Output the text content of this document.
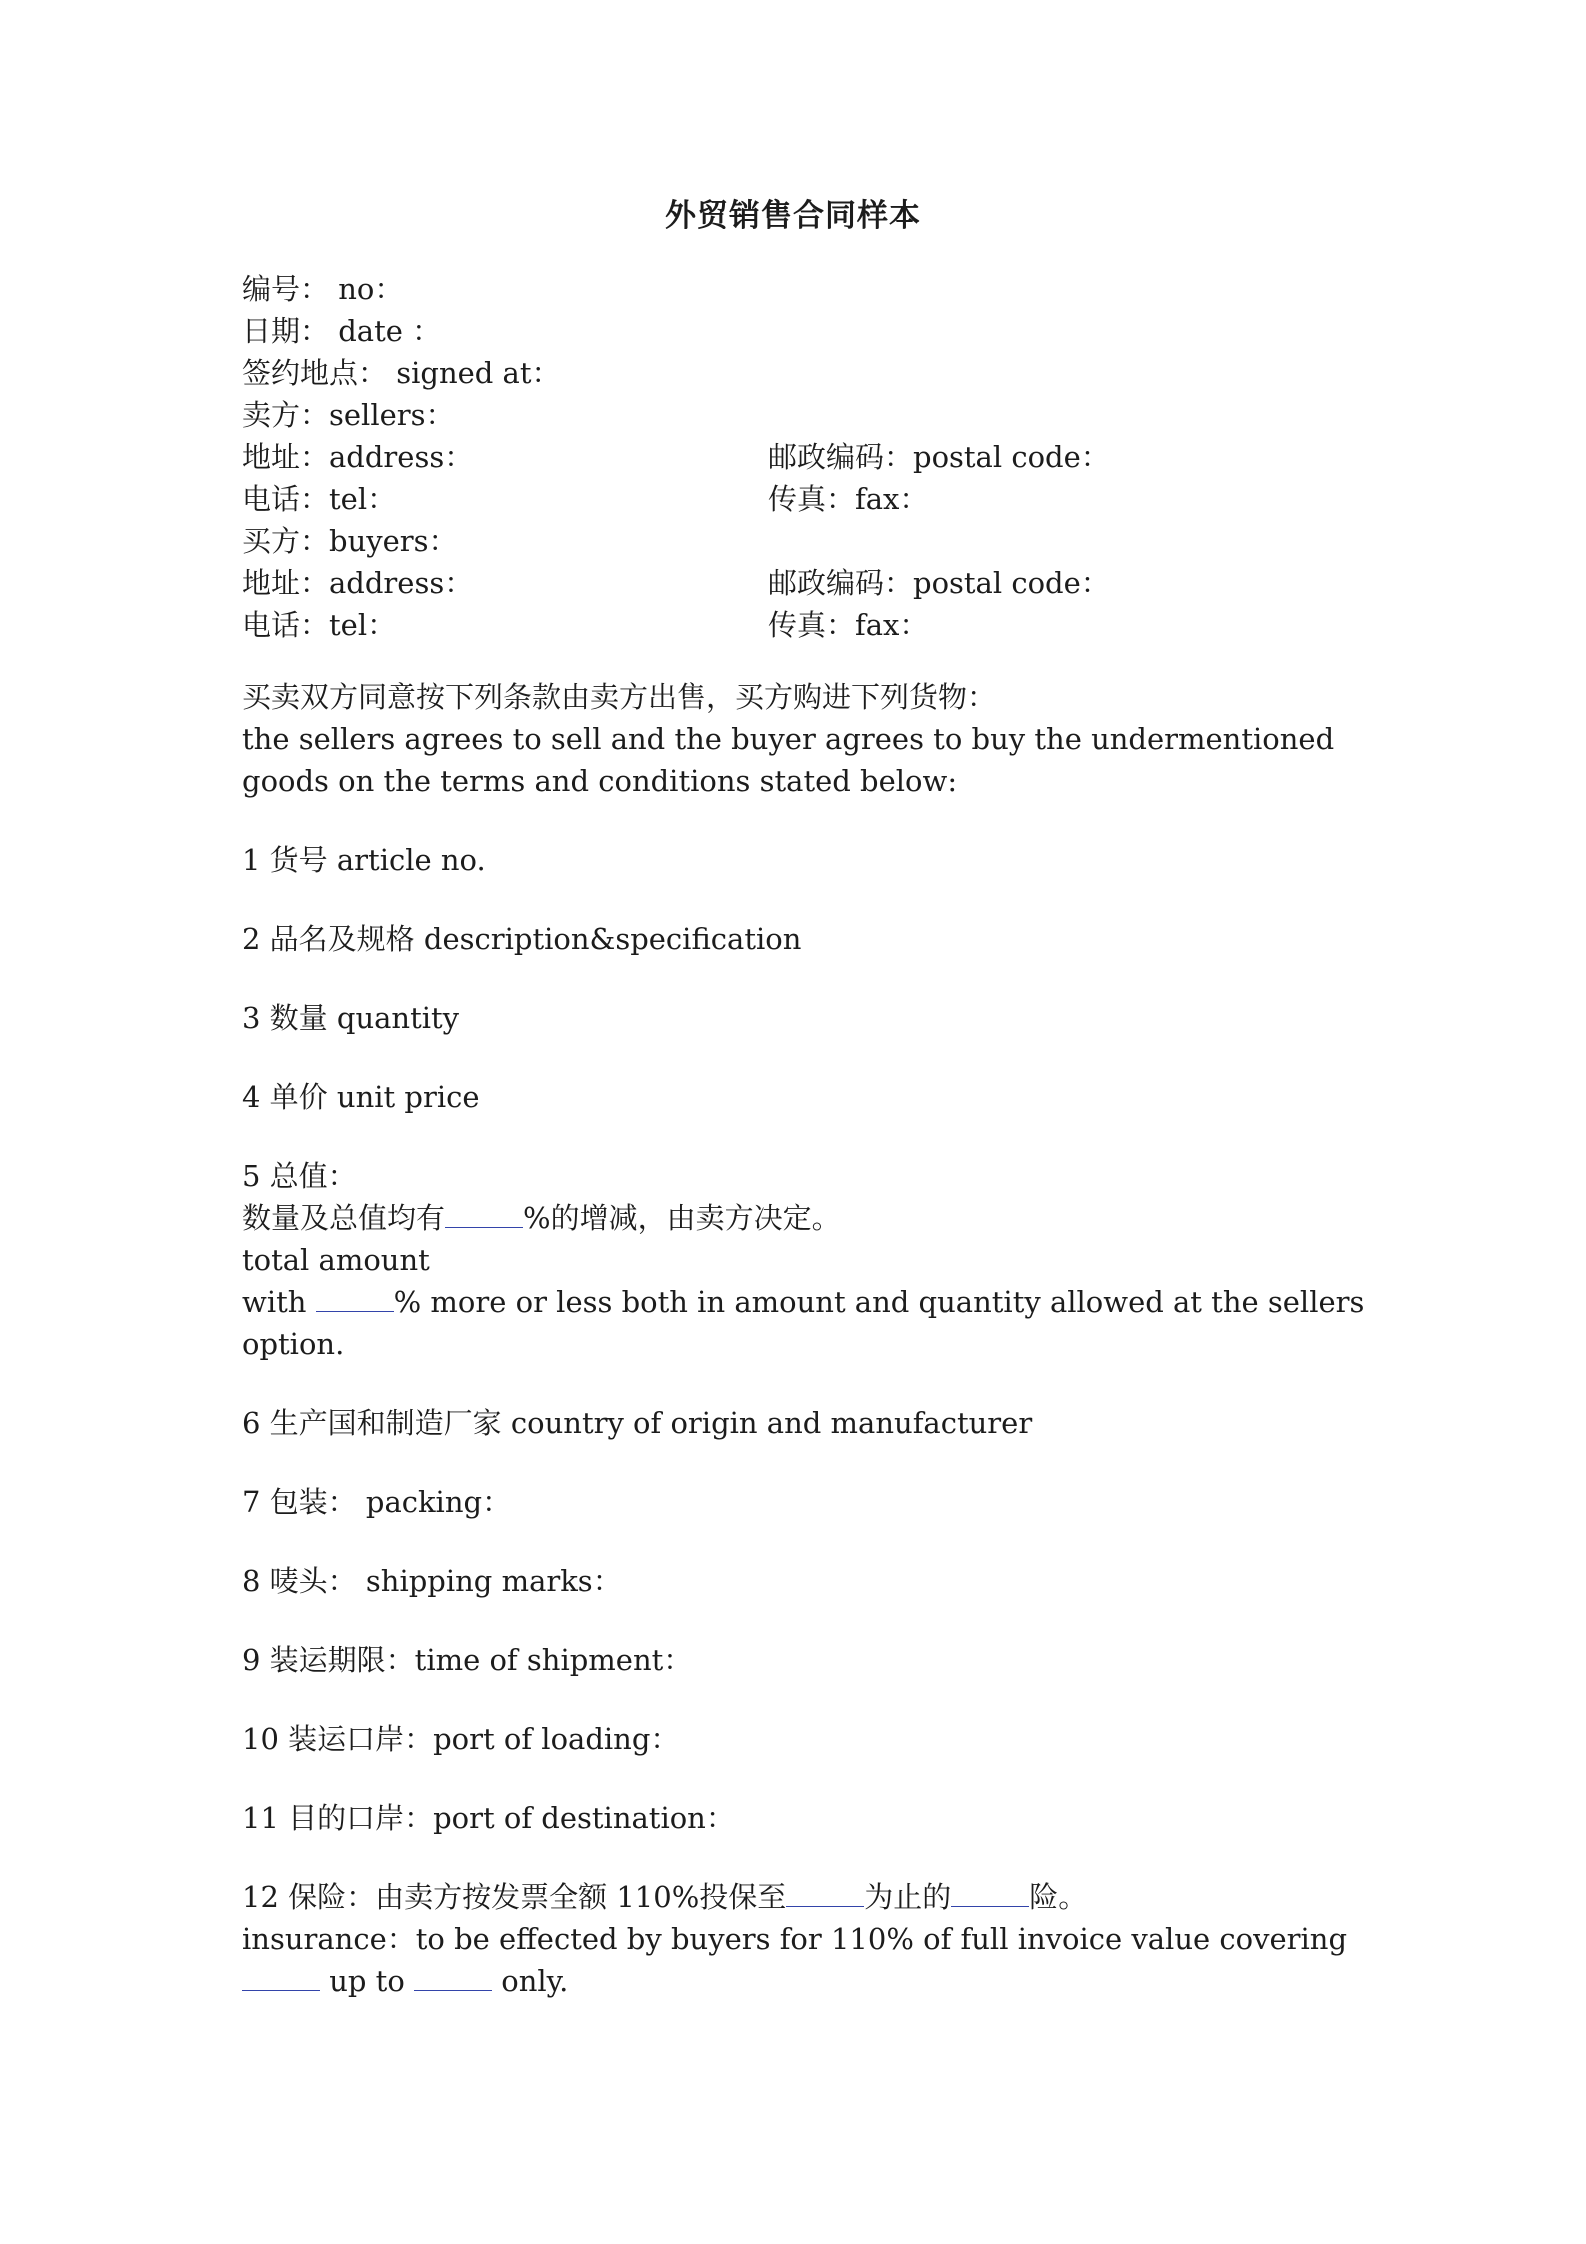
外贸销售合同样本
编号： no：
日期： date ：
签约地点： signed at：
卖方：sellers：
地址：address：	邮政编码：postal code：
电话：tel：	传真：fax：
买方：buyers：
地址：address：	邮政编码：postal code：
电话：tel：	传真：fax：
买卖双方同意按下列条款由卖方出售，买方购进下列货物：
the sellers agrees to sell and the buyer agrees to buy the undermentioned
goods on the terms and conditions stated below:
1 货号 article no.
2 品名及规格 description&specification
3 数量 quantity
4 单价 unit price
5 总值：
数量及总值均有	%的增减，由卖方决定。
total amount
with	% more or less both in amount and quantity allowed at the sellers
option.
6 生产国和制造厂家 country of origin and manufacturer
7 包装： packing：
8 唛头： shipping marks：
9 装运期限：time of shipment：
10 装运口岸：port of loading：
11 目的口岸：port of destination：
12 保险：由卖方按发票全额 110%投保至	为止的	险。
insurance：to be effected by buyers for 110% of full invoice value covering
up to	only.
